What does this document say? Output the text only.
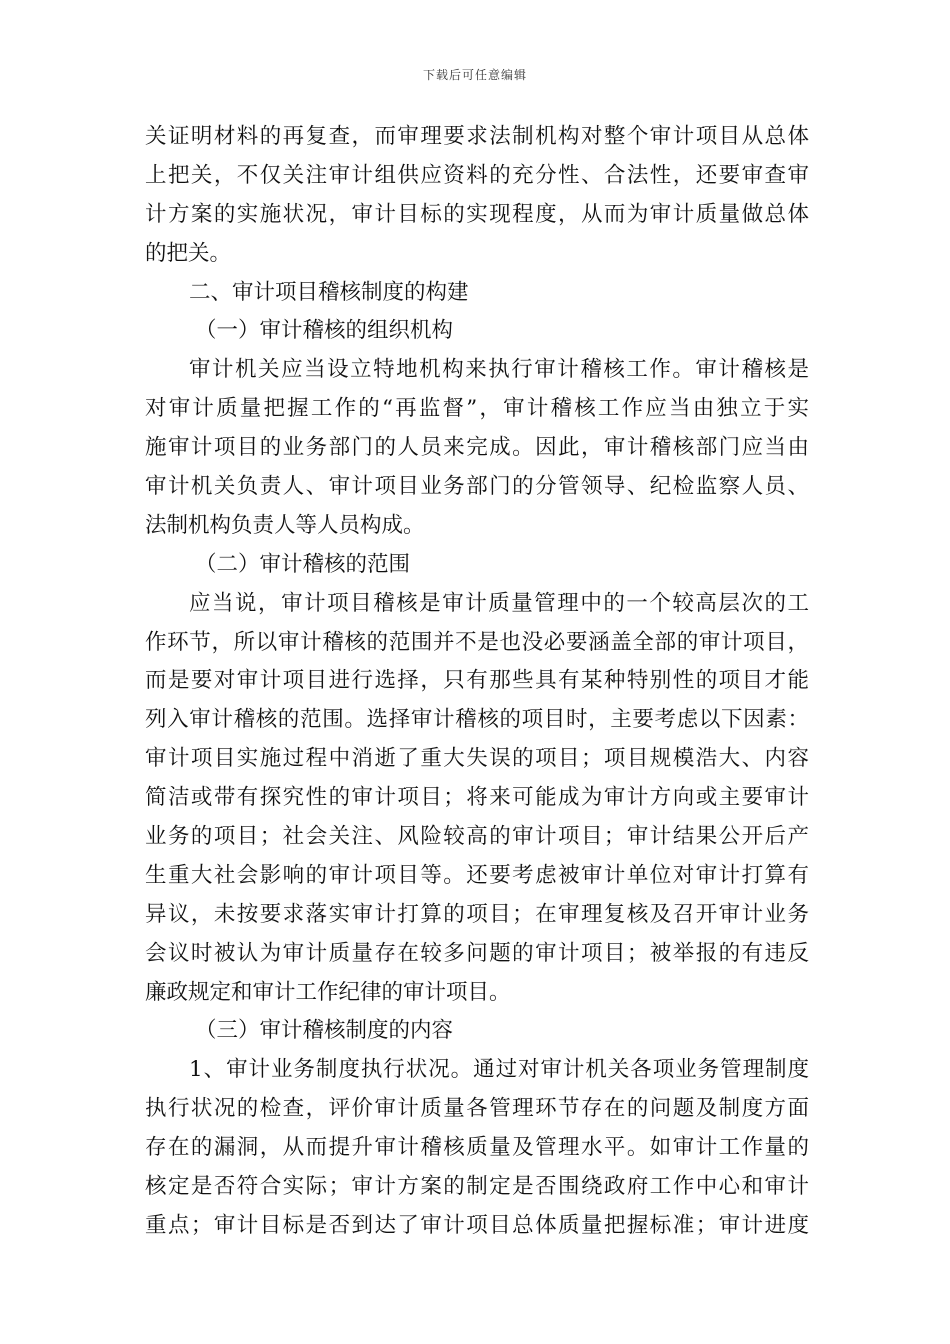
下载后可任意编辑
关证明材料的再复查，而审理要求法制机构对整个审计项目从总体
上把关，不仅关注审计组供应资料的充分性、合法性，还要审查审
计方案的实施状况，审计目标的实现程度，从而为审计质量做总体
的把关。
二、审计项目稽核制度的构建
（一）审计稽核的组织机构
审计机关应当设立特地机构来执行审计稽核工作。审计稽核是
对审计质量把握工作的“再监督”，审计稽核工作应当由独立于实
施审计项目的业务部门的人员来完成。因此，审计稽核部门应当由
审计机关负责人、审计项目业务部门的分管领导、纪检监察人员、
法制机构负责人等人员构成。
（二）审计稽核的范围
应当说，审计项目稽核是审计质量管理中的一个较高层次的工
作环节，所以审计稽核的范围并不是也没必要涵盖全部的审计项目，
而是要对审计项目进行选择，只有那些具有某种特别性的项目才能
列入审计稽核的范围。选择审计稽核的项目时，主要考虑以下因素：
审计项目实施过程中消逝了重大失误的项目；项目规模浩大、内容
简洁或带有探究性的审计项目；将来可能成为审计方向或主要审计
业务的项目；社会关注、风险较高的审计项目；审计结果公开后产
生重大社会影响的审计项目等。还要考虑被审计单位对审计打算有
异议，未按要求落实审计打算的项目；在审理复核及召开审计业务
会议时被认为审计质量存在较多问题的审计项目；被举报的有违反
廉政规定和审计工作纪律的审计项目。
（三）审计稽核制度的内容
1、审计业务制度执行状况。通过对审计机关各项业务管理制度
执行状况的检查，评价审计质量各管理环节存在的问题及制度方面
存在的漏洞，从而提升审计稽核质量及管理水平。如审计工作量的
核定是否符合实际；审计方案的制定是否围绕政府工作中心和审计
重点；审计目标是否到达了审计项目总体质量把握标准；审计进度
